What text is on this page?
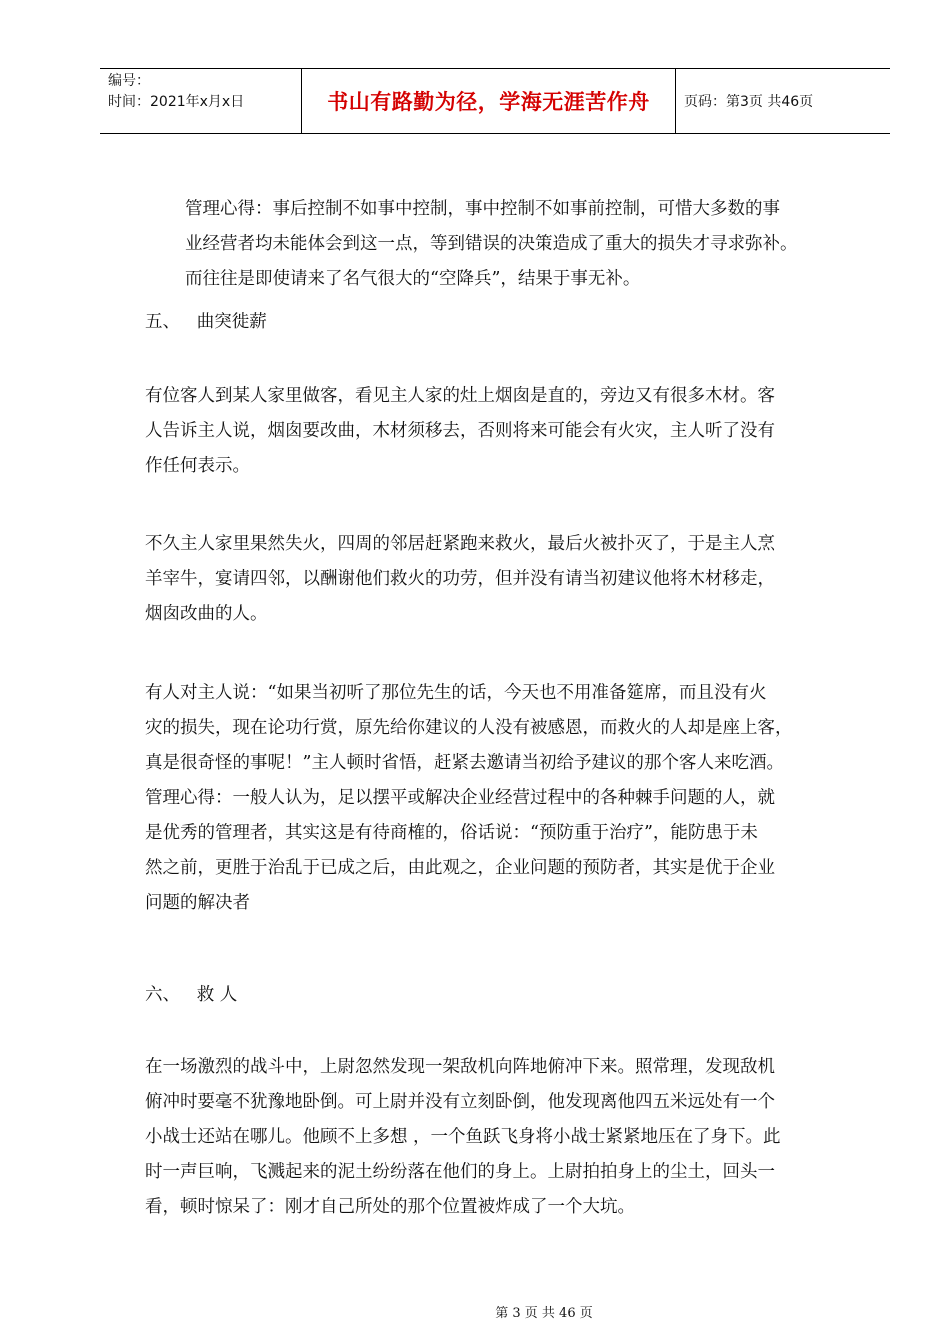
编号：
时间：2021年x月x日	书山有路勤为径，学海无涯苦作舟	页码：第3页 共46页
管理心得：事后控制不如事中控制，事中控制不如事前控制，可惜大多数的事
业经营者均未能体会到这一点，等到错误的决策造成了重大的损失才寻求弥补。
而往往是即使请来了名气很大的“空降兵”，结果于事无补。
五、   曲突徙薪
有位客人到某人家里做客，看见主人家的灶上烟囱是直的，旁边又有很多木材。客
人告诉主人说，烟囱要改曲，木材须移去，否则将来可能会有火灾，主人听了没有
作任何表示。
不久主人家里果然失火，四周的邻居赶紧跑来救火，最后火被扑灭了，于是主人烹
羊宰牛，宴请四邻，以酬谢他们救火的功劳，但并没有请当初建议他将木材移走，
烟囱改曲的人。
有人对主人说：“如果当初听了那位先生的话，今天也不用准备筵席，而且没有火
灾的损失，现在论功行赏，原先给你建议的人没有被感恩，而救火的人却是座上客，
真是很奇怪的事呢！”主人顿时省悟，赶紧去邀请当初给予建议的那个客人来吃酒。
管理心得：一般人认为，足以摆平或解决企业经营过程中的各种棘手问题的人，就
是优秀的管理者，其实这是有待商榷的，俗话说：“预防重于治疗”，能防患于未
然之前，更胜于治乱于已成之后，由此观之，企业问题的预防者，其实是优于企业
问题的解决者
六、   救 人
在一场激烈的战斗中，上尉忽然发现一架敌机向阵地俯冲下来。照常理，发现敌机
俯冲时要毫不犹豫地卧倒。可上尉并没有立刻卧倒，他发现离他四五米远处有一个
小战士还站在哪儿。他顾不上多想 ，一个鱼跃飞身将小战士紧紧地压在了身下。此
时一声巨响，飞溅起来的泥土纷纷落在他们的身上。上尉拍拍身上的尘土，回头一
看，顿时惊呆了：刚才自己所处的那个位置被炸成了一个大坑。
第 3 页 共 46 页
